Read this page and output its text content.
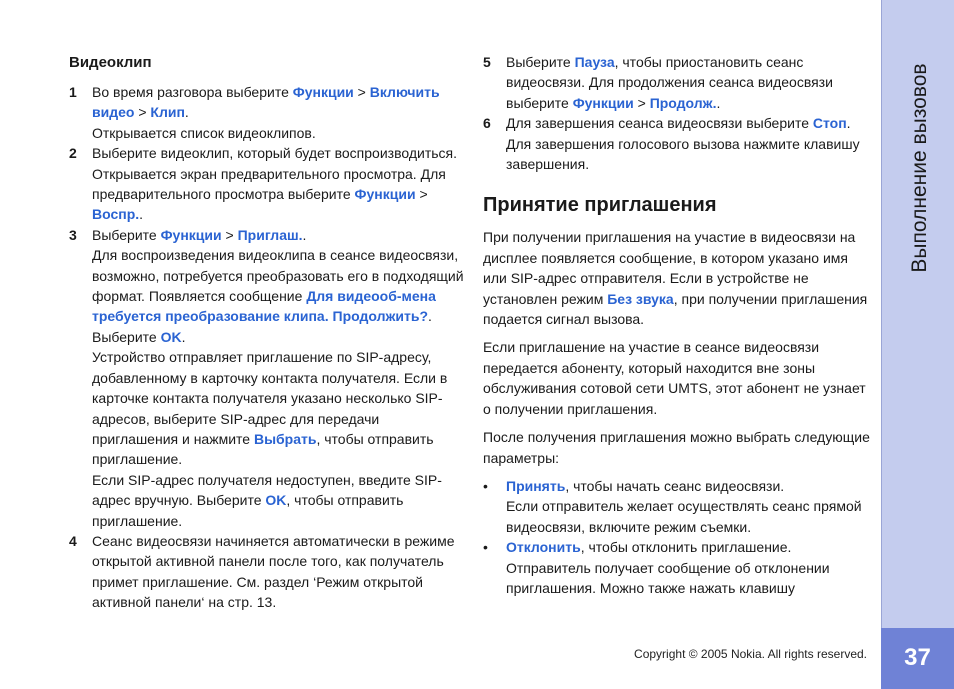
Видеоклип
1 Во время разговора выберите Функции > Включить видео > Клип.
Открывается список видеоклипов.
2 Выберите видеоклип, который будет воспроизводиться. Открывается экран предварительного просмотра. Для предварительного просмотра выберите Функции > Воспр..
3 Выберите Функции > Приглаш..
Для воспроизведения видеоклипа в сеансе видеосвязи, возможно, потребуется преобразовать его в подходящий формат. Появляется сообщение Для видеооб-мена требуется преобразование клипа. Продолжить?. Выберите OK.
Устройство отправляет приглашение по SIP-адресу, добавленному в карточку контакта получателя. Если в карточке контакта получателя указано несколько SIP-адресов, выберите SIP-адрес для передачи приглашения и нажмите Выбрать, чтобы отправить приглашение.
Если SIP-адрес получателя недоступен, введите SIP-адрес вручную. Выберите OK, чтобы отправить приглашение.
4 Сеанс видеосвязи начиняется автоматически в режиме открытой активной панели после того, как получатель примет приглашение. См. раздел ‘Режим открытой активной панели‘ на стр. 13.
5 Выберите Пауза, чтобы приостановить сеанс видеосвязи. Для продолжения сеанса видеосвязи выберите Функции > Продолж..
6 Для завершения сеанса видеосвязи выберите Стоп. Для завершения голосового вызова нажмите клавишу завершения.
Принятие приглашения

При получении приглашения на участие в видеосвязи на дисплее появляется сообщение, в котором указано имя или SIP-адрес отправителя. Если в устройстве не установлен режим Без звука, при получении приглашения подается сигнал вызова.

Если приглашение на участие в сеансе видеосвязи передается абоненту, который находится вне зоны обслуживания сотовой сети UMTS, этот абонент не узнает о получении приглашения.

После получения приглашения можно выбрать следующие параметры:

• Принять, чтобы начать сеанс видеосвязи.
Если отправитель желает осуществлять сеанс прямой видеосвязи, включите режим съемки.
• Отклонить, чтобы отклонить приглашение. Отправитель получает сообщение об отклонении приглашения. Можно также нажать клавишу
Выполнение вызовов
37
Copyright © 2005 Nokia. All rights reserved.
